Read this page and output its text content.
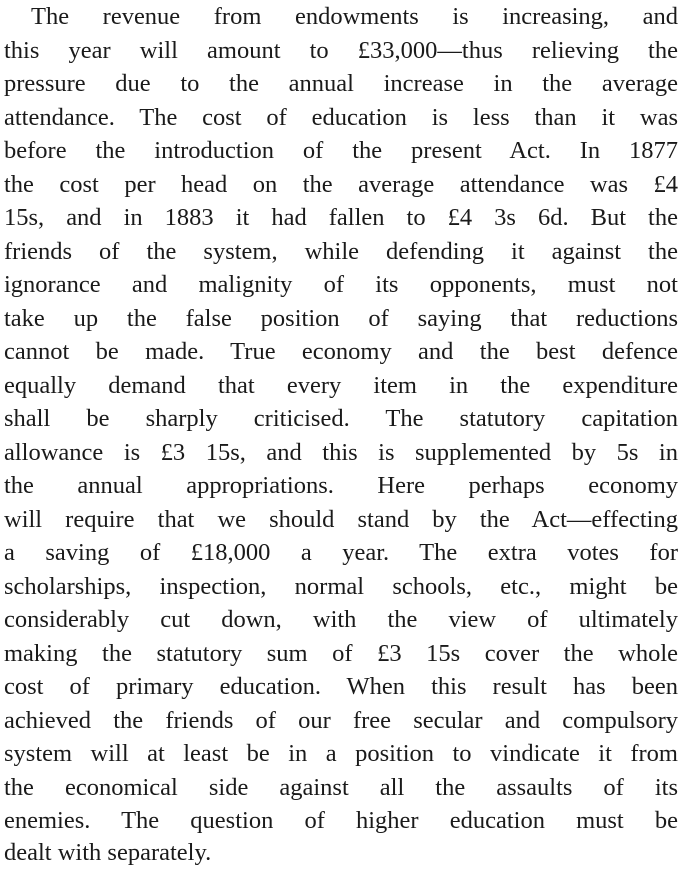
The revenue from endowments is increasing, and
this year will amount to £33,000—thus relieving the
pressure due to the annual increase in the average
attendance. The cost of education is less than it was
before the introduction of the present Act. In 1877
the cost per head on the average attendance was £4
15s, and in 1883 it had fallen to £4 3s 6d. But the
friends of the system, while defending it against the
ignorance and malignity of its opponents, must not
take up the false position of saying that reductions
cannot be made. True economy and the best defence
equally demand that every item in the expenditure
shall be sharply criticised. The statutory capitation
allowance is £3 15s, and this is supplemented by 5s in
the annual appropriations. Here perhaps economy
will require that we should stand by the Act—effecting
a saving of £18,000 a year. The extra votes for
scholarships, inspection, normal schools, etc., might be
considerably cut down, with the view of ultimately
making the statutory sum of £3 15s cover the whole
cost of primary education. When this result has been
achieved the friends of our free secular and compulsory
system will at least be in a position to vindicate it from
the economical side against all the assaults of its
enemies. The question of higher education must be
dealt with separately.
